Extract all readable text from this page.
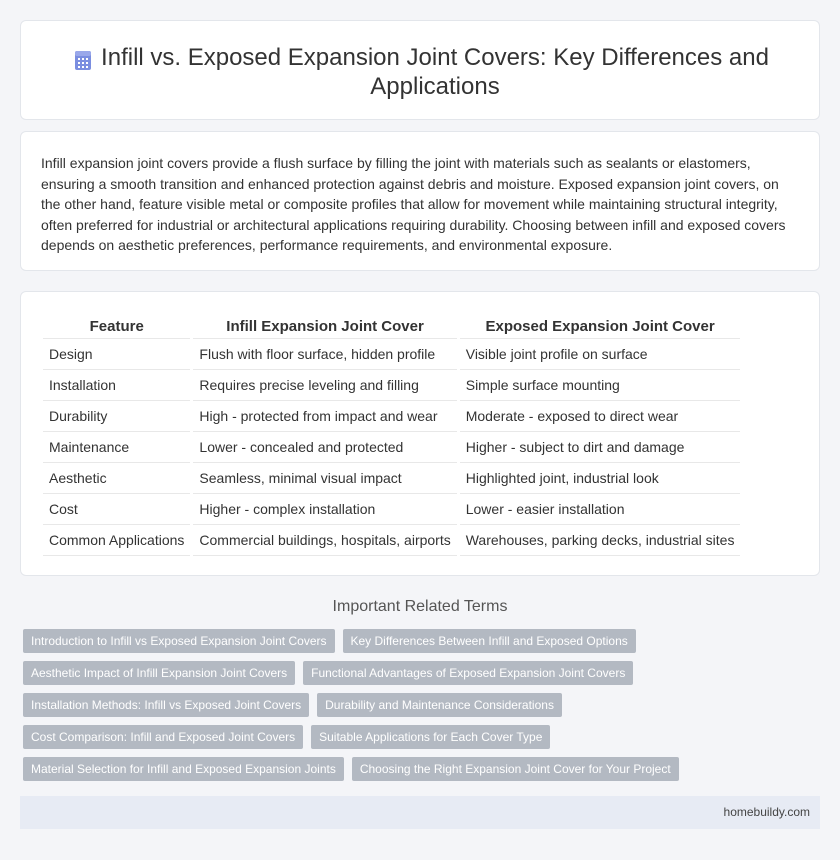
Infill vs. Exposed Expansion Joint Covers: Key Differences and Applications

Infill expansion joint covers provide a flush surface by filling the joint with materials such as sealants or elastomers, ensuring a smooth transition and enhanced protection against debris and moisture. Exposed expansion joint covers, on the other hand, feature visible metal or composite profiles that allow for movement while maintaining structural integrity, often preferred for industrial or architectural applications requiring durability. Choosing between infill and exposed covers depends on aesthetic preferences, performance requirements, and environmental exposure.

Feature	Infill Expansion Joint Cover	Exposed Expansion Joint Cover
Design	Flush with floor surface, hidden profile	Visible joint profile on surface
Installation	Requires precise leveling and filling	Simple surface mounting
Durability	High - protected from impact and wear	Moderate - exposed to direct wear
Maintenance	Lower - concealed and protected	Higher - subject to dirt and damage
Aesthetic	Seamless, minimal visual impact	Highlighted joint, industrial look
Cost	Higher - complex installation	Lower - easier installation
Common Applications	Commercial buildings, hospitals, airports	Warehouses, parking decks, industrial sites
Important Related Terms
Introduction to Infill vs Exposed Expansion Joint Covers	Key Differences Between Infill and Exposed Options
Aesthetic Impact of Infill Expansion Joint Covers	Functional Advantages of Exposed Expansion Joint Covers
Installation Methods: Infill vs Exposed Joint Covers	Durability and Maintenance Considerations
Cost Comparison: Infill and Exposed Joint Covers	Suitable Applications for Each Cover Type
Material Selection for Infill and Exposed Expansion Joints	Choosing the Right Expansion Joint Cover for Your Project
homebuildy.com
